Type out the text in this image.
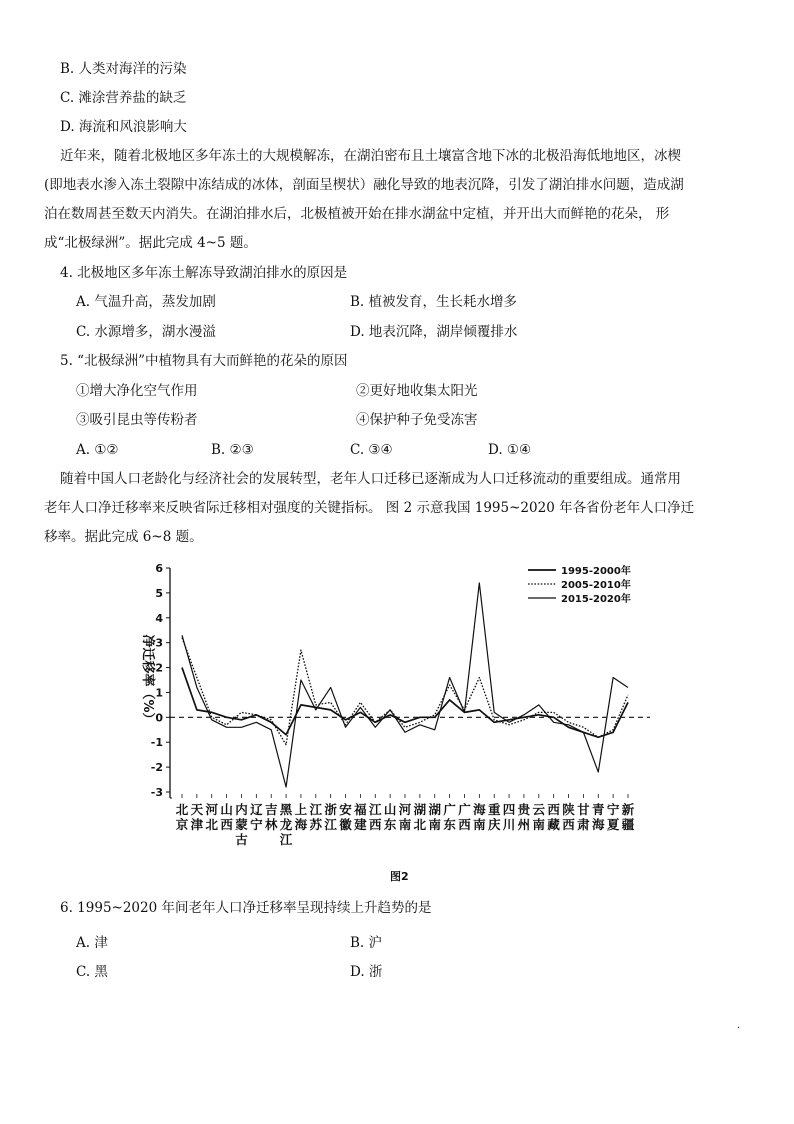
B. 人类对海洋的污染
C. 滩涂营养盐的缺乏
D. 海流和风浪影响大
近年来，随着北极地区多年冻土的大规模解冻，在湖泊密布且土壤富含地下冰的北极沿海低地地区，冰楔
(即地表水渗入冻土裂隙中冻结成的冰体，剖面呈楔状）融化导致的地表沉降，引发了湖泊排水问题，造成湖
泊在数周甚至数天内消失。在湖泊排水后，北极植被开始在排水湖盆中定植，并开出大而鲜艳的花朵， 形
成“北极绿洲”。据此完成 4~5 题。
4. 北极地区多年冻土解冻导致湖泊排水的原因是
A. 气温升高，蒸发加剧	B. 植被发育，生长耗水增多
C. 水源增多，湖水漫溢	D. 地表沉降，湖岸倾覆排水
5. “北极绿洲”中植物具有大而鲜艳的花朵的原因
①增大净化空气作用	②更好地收集太阳光
③吸引昆虫等传粉者	④保护种子免受冻害
A. ①②	B. ②③	C. ③④	D. ①④
随着中国人口老龄化与经济社会的发展转型，老年人口迁移已逐渐成为人口迁移流动的重要组成。通常用
老年人口净迁移率来反映省际迁移相对强度的关键指标。 图 2 示意我国 1995~2020 年各省份老年人口净迁
移率。据此完成 6~8 题。
6
5
4
3
2
1
0
-1
-2
-3
净迁移率（%）
北京
天津
河北
山西
内蒙古
辽宁
吉林
黑龙江
上海
江苏
浙江
安徽
福建
江西
山东
河南
湖北
湖南
广东
广西
海南
重庆
四川
贵州
云南
西藏
陕西
甘肃
青海
宁夏
新疆
1995-2000年
2005-2010年
2015-2020年
图2
6. 1995~2020 年间老年人口净迁移率呈现持续上升趋势的是
A. 津	B. 沪
C. 黑	D. 浙
.
